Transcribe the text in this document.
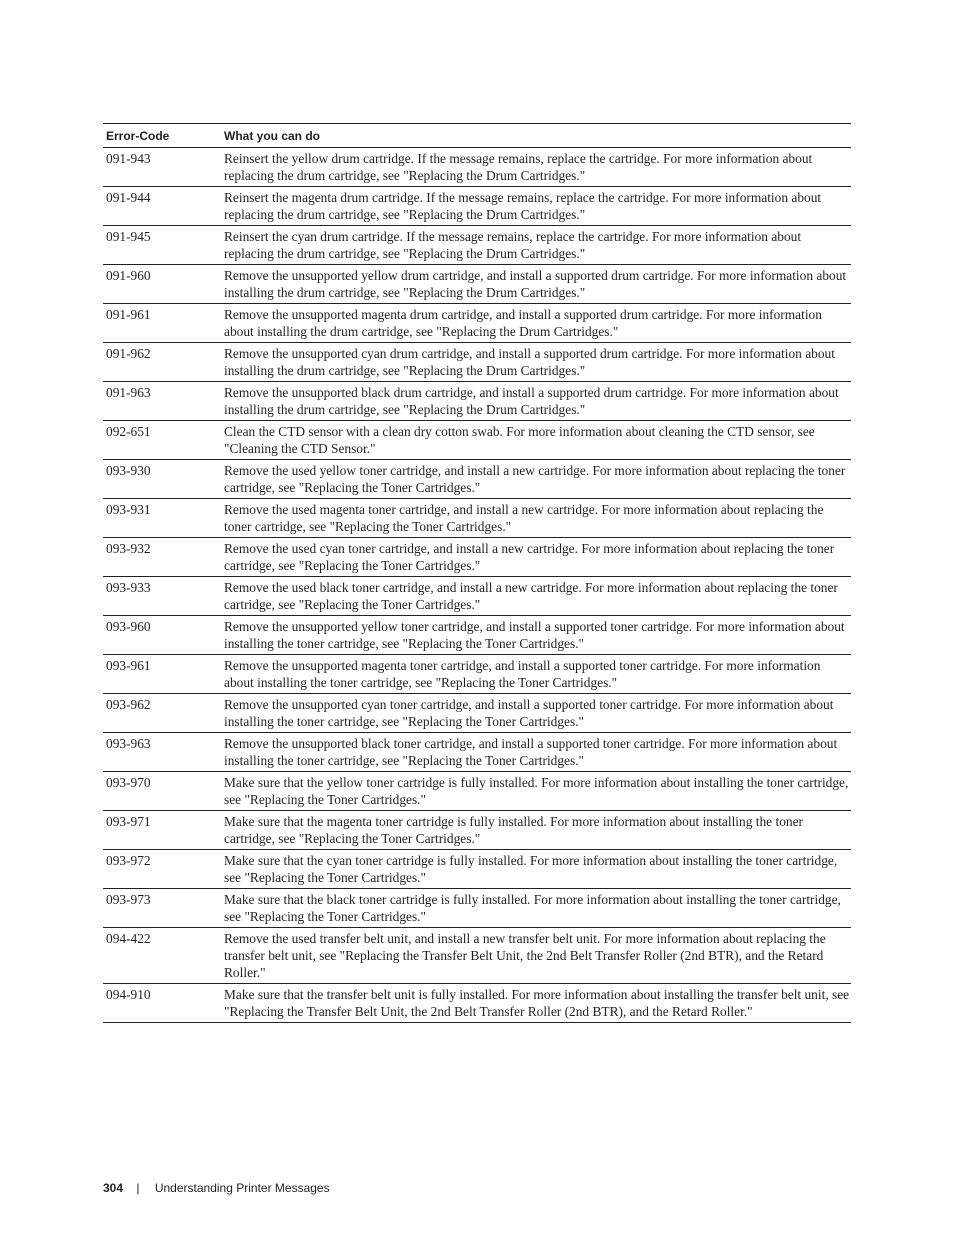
Error-Code	What you can do
091-943	Reinsert the yellow drum cartridge. If the message remains, replace the cartridge. For more information about replacing the drum cartridge, see "Replacing the Drum Cartridges."
091-944	Reinsert the magenta drum cartridge. If the message remains, replace the cartridge. For more information about replacing the drum cartridge, see "Replacing the Drum Cartridges."
091-945	Reinsert the cyan drum cartridge. If the message remains, replace the cartridge. For more information about replacing the drum cartridge, see "Replacing the Drum Cartridges."
091-960	Remove the unsupported yellow drum cartridge, and install a supported drum cartridge. For more information about installing the drum cartridge, see "Replacing the Drum Cartridges."
091-961	Remove the unsupported magenta drum cartridge, and install a supported drum cartridge. For more information about installing the drum cartridge, see "Replacing the Drum Cartridges."
091-962	Remove the unsupported cyan drum cartridge, and install a supported drum cartridge. For more information about installing the drum cartridge, see "Replacing the Drum Cartridges."
091-963	Remove the unsupported black drum cartridge, and install a supported drum cartridge. For more information about installing the drum cartridge, see "Replacing the Drum Cartridges."
092-651	Clean the CTD sensor with a clean dry cotton swab. For more information about cleaning the CTD sensor, see "Cleaning the CTD Sensor."
093-930	Remove the used yellow toner cartridge, and install a new cartridge. For more information about replacing the toner cartridge, see "Replacing the Toner Cartridges."
093-931	Remove the used magenta toner cartridge, and install a new cartridge. For more information about replacing the toner cartridge, see "Replacing the Toner Cartridges."
093-932	Remove the used cyan toner cartridge, and install a new cartridge. For more information about replacing the toner cartridge, see "Replacing the Toner Cartridges."
093-933	Remove the used black toner cartridge, and install a new cartridge. For more information about replacing the toner cartridge, see "Replacing the Toner Cartridges."
093-960	Remove the unsupported yellow toner cartridge, and install a supported toner cartridge. For more information about installing the toner cartridge, see "Replacing the Toner Cartridges."
093-961	Remove the unsupported magenta toner cartridge, and install a supported toner cartridge. For more information about installing the toner cartridge, see "Replacing the Toner Cartridges."
093-962	Remove the unsupported cyan toner cartridge, and install a supported toner cartridge. For more information about installing the toner cartridge, see "Replacing the Toner Cartridges."
093-963	Remove the unsupported black toner cartridge, and install a supported toner cartridge. For more information about installing the toner cartridge, see "Replacing the Toner Cartridges."
093-970	Make sure that the yellow toner cartridge is fully installed. For more information about installing the toner cartridge, see "Replacing the Toner Cartridges."
093-971	Make sure that the magenta toner cartridge is fully installed. For more information about installing the toner cartridge, see "Replacing the Toner Cartridges."
093-972	Make sure that the cyan toner cartridge is fully installed. For more information about installing the toner cartridge, see "Replacing the Toner Cartridges."
093-973	Make sure that the black toner cartridge is fully installed. For more information about installing the toner cartridge, see "Replacing the Toner Cartridges."
094-422	Remove the used transfer belt unit, and install a new transfer belt unit. For more information about replacing the transfer belt unit, see "Replacing the Transfer Belt Unit, the 2nd Belt Transfer Roller (2nd BTR), and the Retard Roller."
094-910	Make sure that the transfer belt unit is fully installed. For more information about installing the transfer belt unit, see "Replacing the Transfer Belt Unit, the 2nd Belt Transfer Roller (2nd BTR), and the Retard Roller."
304 | Understanding Printer Messages
